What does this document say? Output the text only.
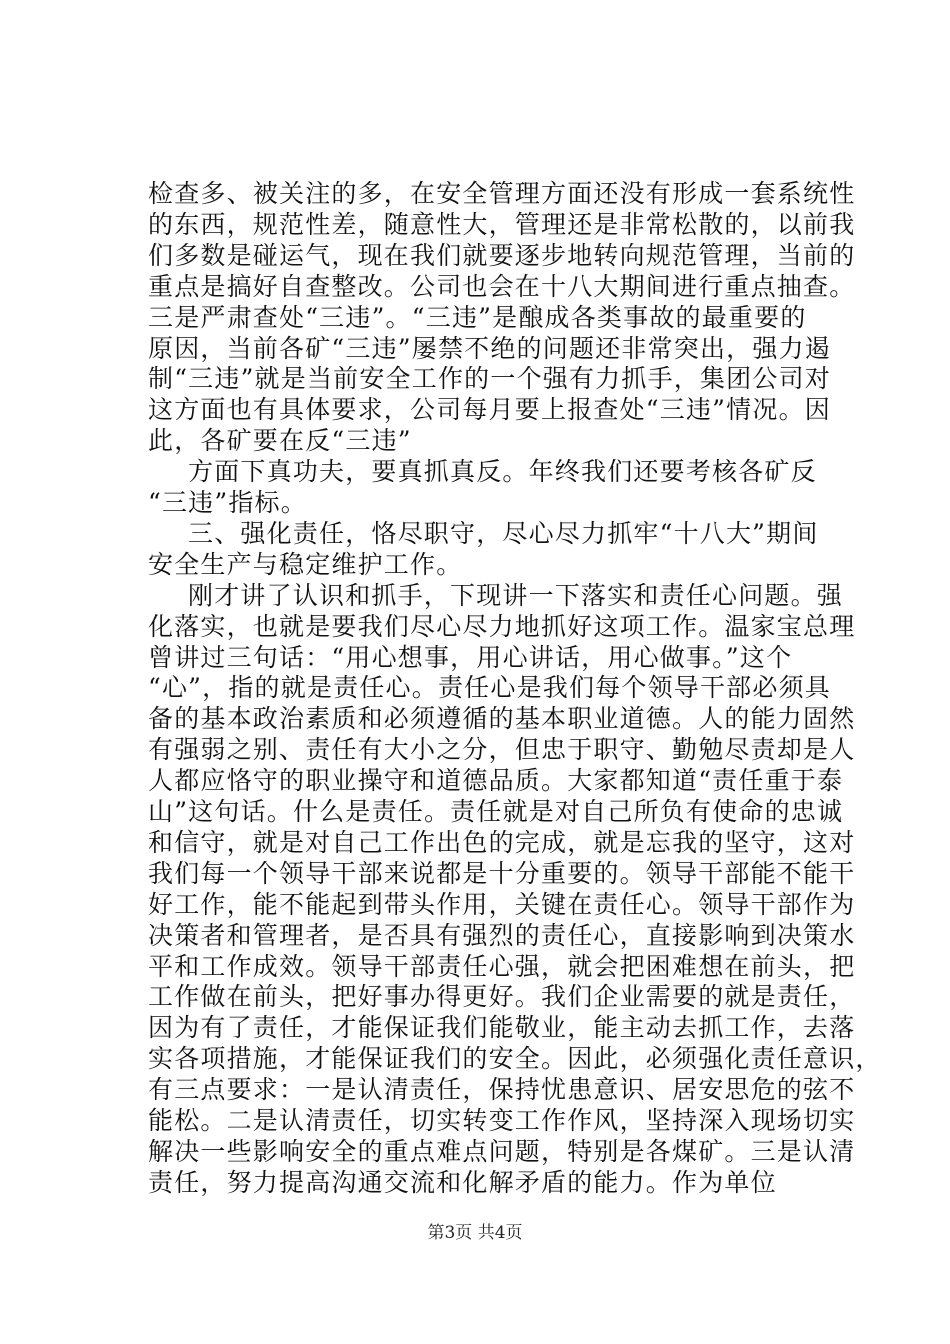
检查多、被关注的多，在安全管理方面还没有形成一套系统性
的东西，规范性差，随意性大，管理还是非常松散的，以前我
们多数是碰运气，现在我们就要逐步地转向规范管理，当前的
重点是搞好自查整改。公司也会在十八大期间进行重点抽查。
三是严肃查处“三违”。“三违”是酿成各类事故的最重要的
原因，当前各矿“三违”屡禁不绝的问题还非常突出，强力遏
制“三违”就是当前安全工作的一个强有力抓手，集团公司对
这方面也有具体要求，公司每月要上报查处“三违”情况。因
此，各矿要在反“三违”
方面下真功夫，要真抓真反。年终我们还要考核各矿反
“三违”指标。
三、强化责任，恪尽职守，尽心尽力抓牢“十八大”期间
安全生产与稳定维护工作。
刚才讲了认识和抓手，下现讲一下落实和责任心问题。强
化落实，也就是要我们尽心尽力地抓好这项工作。温家宝总理
曾讲过三句话：“用心想事，用心讲话，用心做事。”这个
“心”，指的就是责任心。责任心是我们每个领导干部必须具
备的基本政治素质和必须遵循的基本职业道德。人的能力固然
有强弱之别、责任有大小之分，但忠于职守、勤勉尽责却是人
人都应恪守的职业操守和道德品质。大家都知道“责任重于泰
山”这句话。什么是责任。责任就是对自己所负有使命的忠诚
和信守，就是对自己工作出色的完成，就是忘我的坚守，这对
我们每一个领导干部来说都是十分重要的。领导干部能不能干
好工作，能不能起到带头作用，关键在责任心。领导干部作为
决策者和管理者，是否具有强烈的责任心，直接影响到决策水
平和工作成效。领导干部责任心强，就会把困难想在前头，把
工作做在前头，把好事办得更好。我们企业需要的就是责任，
因为有了责任，才能保证我们能敬业，能主动去抓工作，去落
实各项措施，才能保证我们的安全。因此，必须强化责任意识，
有三点要求：一是认清责任，保持忧患意识、居安思危的弦不
能松。二是认清责任，切实转变工作作风，坚持深入现场切实
解决一些影响安全的重点难点问题，特别是各煤矿。三是认清
责任，努力提高沟通交流和化解矛盾的能力。作为单位
第3页 共4页
